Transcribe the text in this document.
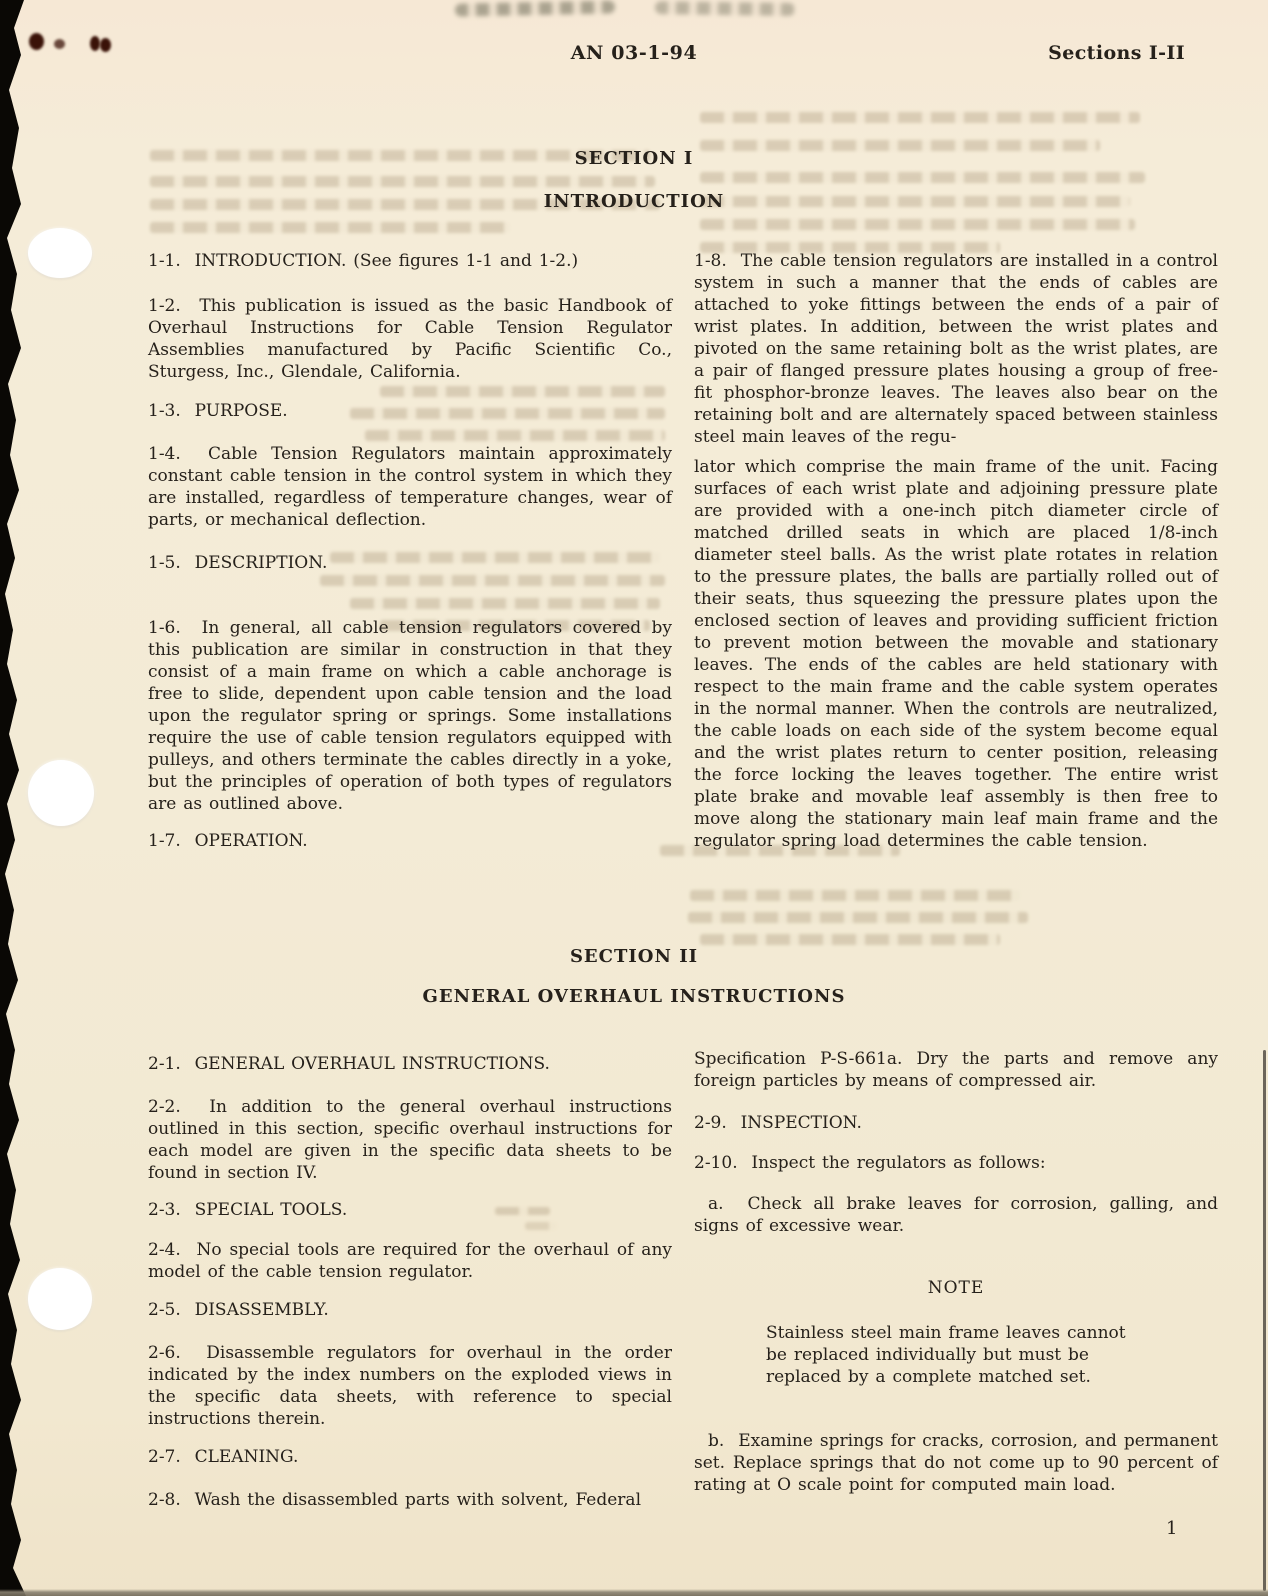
AN 03-1-94	Sections I-II
SECTION I
INTRODUCTION

1-1.  INTRODUCTION. (See figures 1-1 and 1-2.)

1-2.  This publication is issued as the basic Handbook of Overhaul Instructions for Cable Tension Regulator Assemblies manufactured by Pacific Scientific Co., Sturgess, Inc., Glendale, California.

1-3.  PURPOSE.

1-4.  Cable Tension Regulators maintain approximately constant cable tension in the control system in which they are installed, regardless of temperature changes, wear of parts, or mechanical deflection.

1-5.  DESCRIPTION.

1-6.  In general, all cable tension regulators covered by this publication are similar in construction in that they consist of a main frame on which a cable anchorage is free to slide, dependent upon cable tension and the load upon the regulator spring or springs. Some installations require the use of cable tension regulators equipped with pulleys, and others terminate the cables directly in a yoke, but the principles of operation of both types of regulators are as outlined above.

1-7.  OPERATION.

1-8.  The cable tension regulators are installed in a control system in such a manner that the ends of cables are attached to yoke fittings between the ends of a pair of wrist plates. In addition, between the wrist plates and pivoted on the same retaining bolt as the wrist plates, are a pair of flanged pressure plates housing a group of free-fit phosphor-bronze leaves. The leaves also bear on the retaining bolt and are alternately spaced between stainless steel main leaves of the regu-

lator which comprise the main frame of the unit. Facing surfaces of each wrist plate and adjoining pressure plate are provided with a one-inch pitch diameter circle of matched drilled seats in which are placed 1/8-inch diameter steel balls. As the wrist plate rotates in relation to the pressure plates, the balls are partially rolled out of their seats, thus squeezing the pressure plates upon the enclosed section of leaves and providing sufficient friction to prevent motion between the movable and stationary leaves. The ends of the cables are held stationary with respect to the main frame and the cable system operates in the normal manner. When the controls are neutralized, the cable loads on each side of the system become equal and the wrist plates return to center position, releasing the force locking the leaves together. The entire wrist plate brake and movable leaf assembly is then free to move along the stationary main leaf main frame and the regulator spring load determines the cable tension.

SECTION II
GENERAL OVERHAUL INSTRUCTIONS

2-1.  GENERAL OVERHAUL INSTRUCTIONS.

2-2.  In addition to the general overhaul instructions outlined in this section, specific overhaul instructions for each model are given in the specific data sheets to be found in section IV.

2-3.  SPECIAL TOOLS.

2-4.  No special tools are required for the overhaul of any model of the cable tension regulator.

2-5.  DISASSEMBLY.

2-6.  Disassemble regulators for overhaul in the order indicated by the index numbers on the exploded views in the specific data sheets, with reference to special instructions therein.

2-7.  CLEANING.

2-8.  Wash the disassembled parts with solvent, Federal

Specification P-S-661a. Dry the parts and remove any foreign particles by means of compressed air.

2-9.  INSPECTION.

2-10.  Inspect the regulators as follows:

a.  Check all brake leaves for corrosion, galling, and signs of excessive wear.

NOTE

Stainless steel main frame leaves cannot be replaced individually but must be replaced by a complete matched set.

b.  Examine springs for cracks, corrosion, and permanent set. Replace springs that do not come up to 90 percent of rating at O scale point for computed main load.

1
